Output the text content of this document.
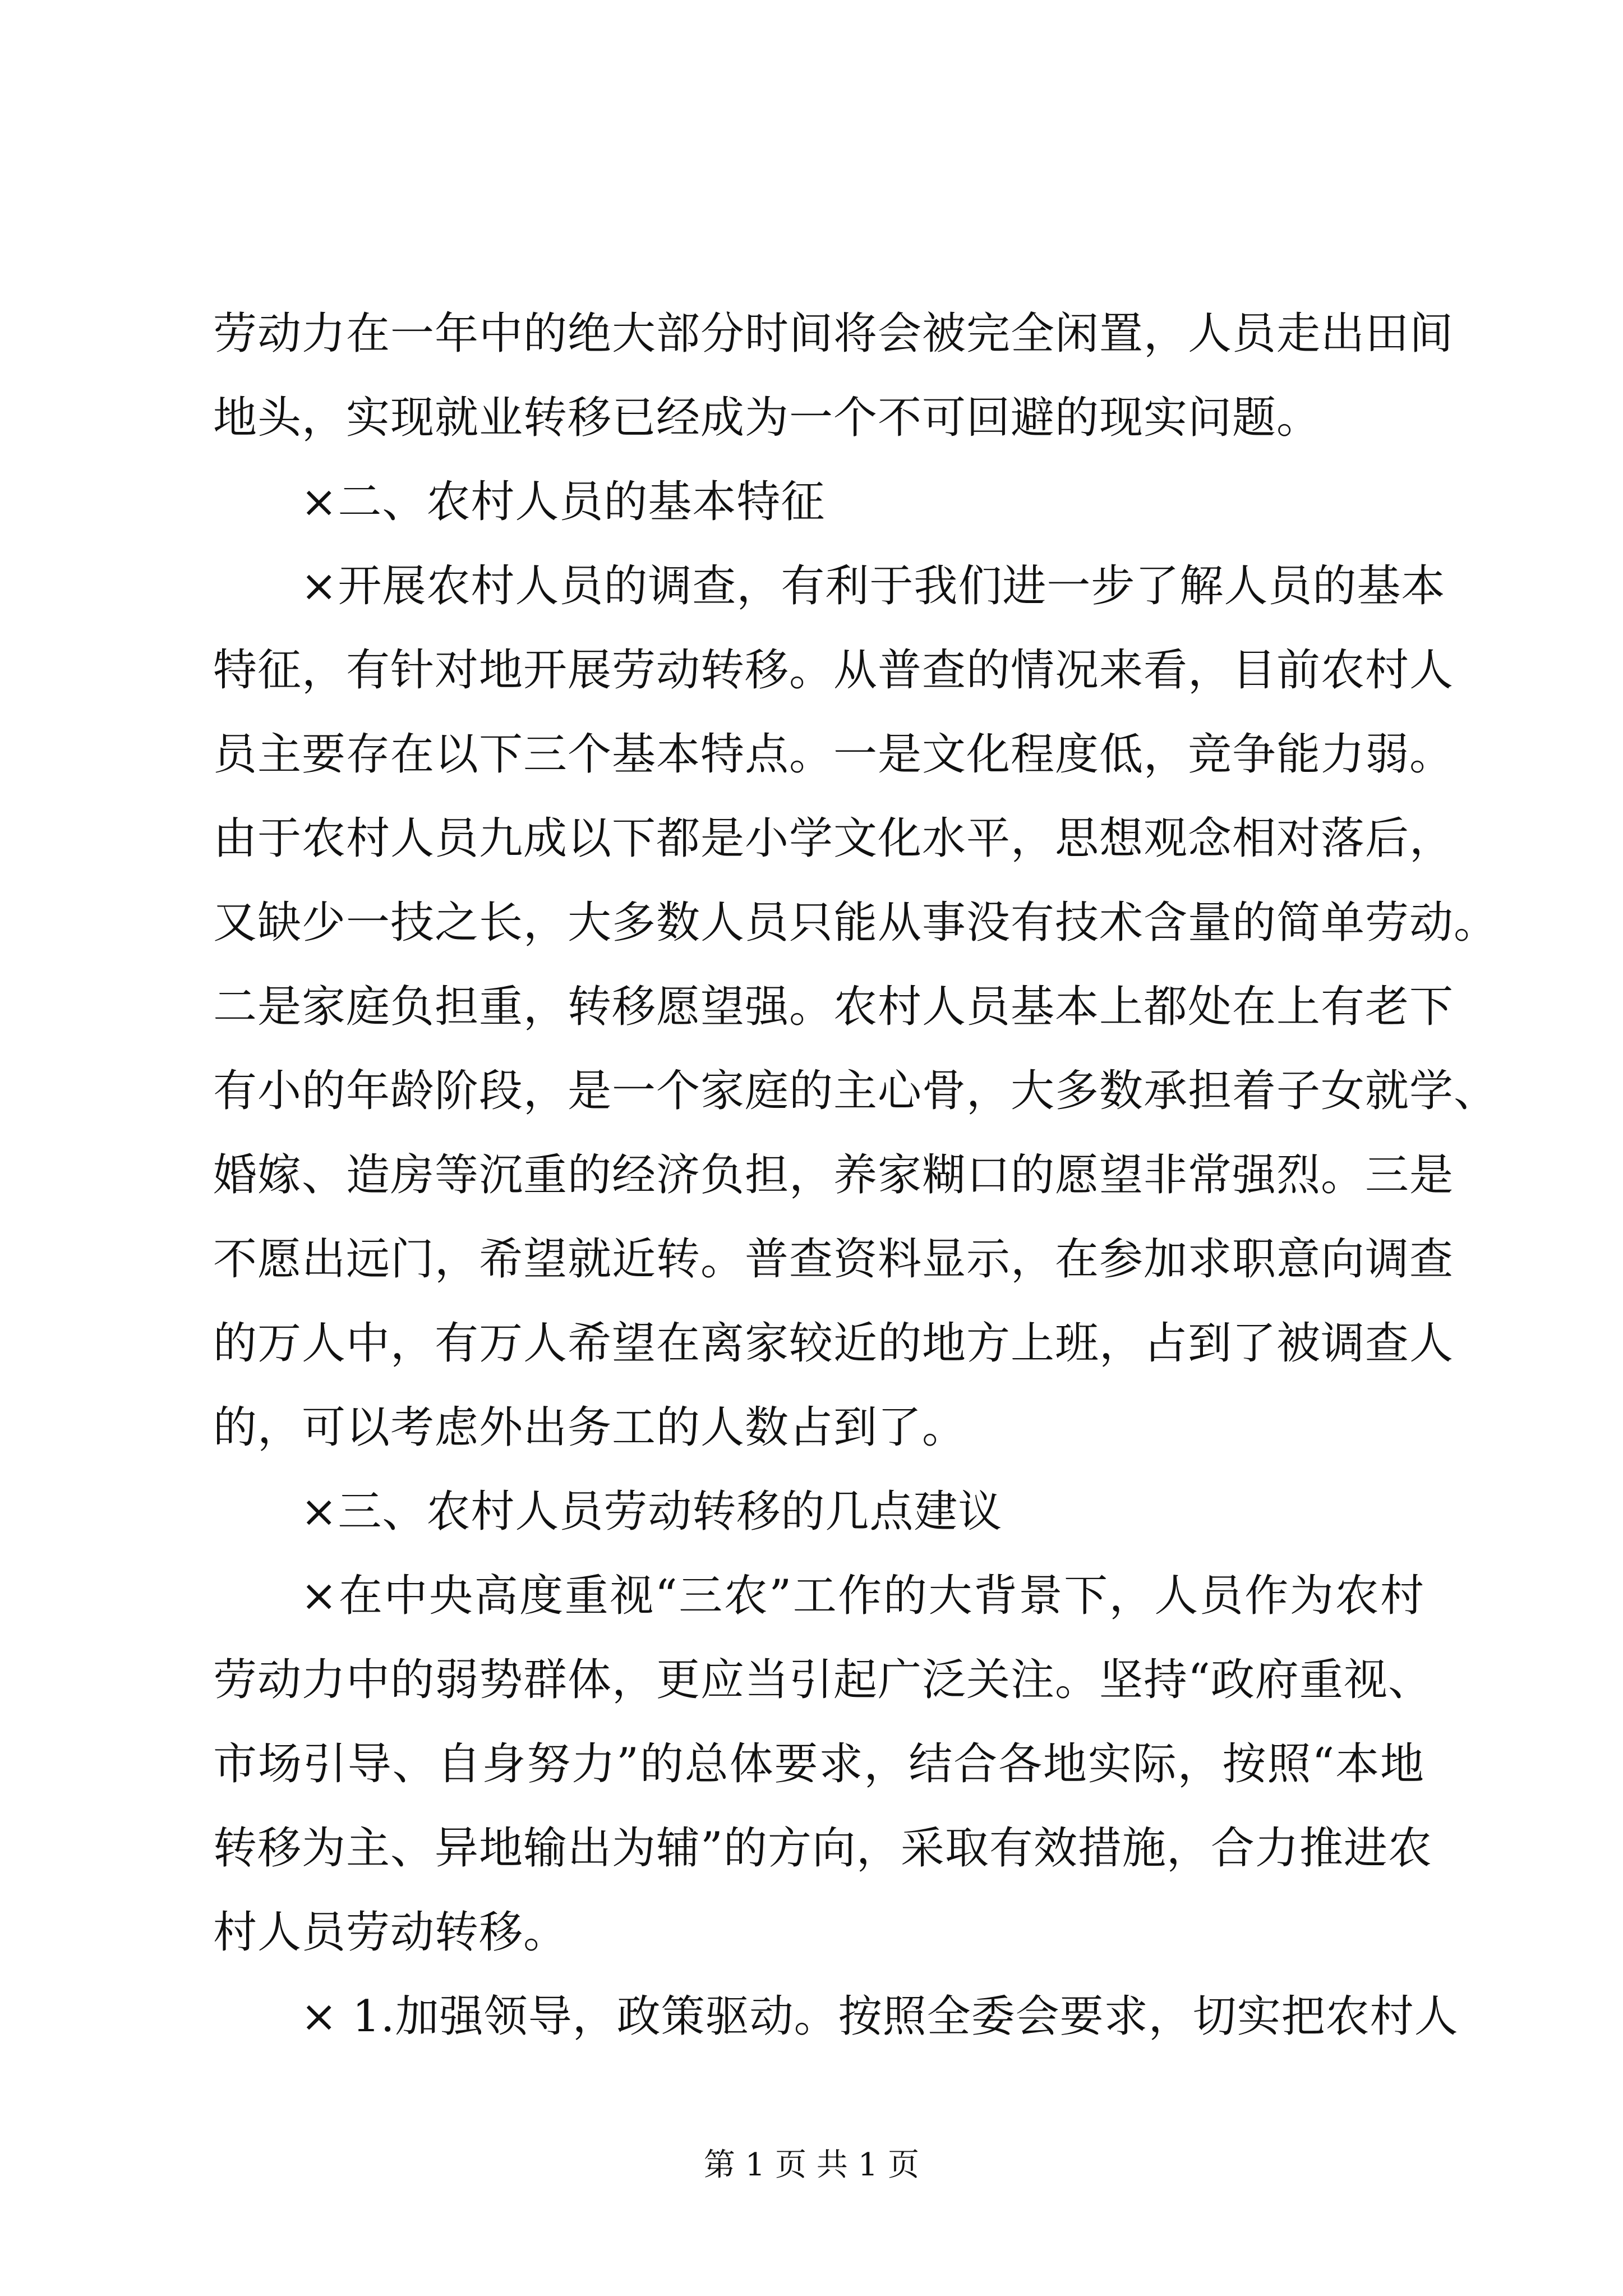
劳动力在一年中的绝大部分时间将会被完全闲置，人员走出田间
地头，实现就业转移已经成为一个不可回避的现实问题。
×二、农村人员的基本特征
×开展农村人员的调查，有利于我们进一步了解人员的基本
特征，有针对地开展劳动转移。从普查的情况来看，目前农村人
员主要存在以下三个基本特点。一是文化程度低，竞争能力弱。
由于农村人员九成以下都是小学文化水平，思想观念相对落后，
又缺少一技之长，大多数人员只能从事没有技术含量的简单劳动。
二是家庭负担重，转移愿望强。农村人员基本上都处在上有老下
有小的年龄阶段，是一个家庭的主心骨，大多数承担着子女就学、
婚嫁、造房等沉重的经济负担，养家糊口的愿望非常强烈。三是
不愿出远门，希望就近转。普查资料显示，在参加求职意向调查
的万人中，有万人希望在离家较近的地方上班，占到了被调查人
的，可以考虑外出务工的人数占到了。
×三、农村人员劳动转移的几点建议
×在中央高度重视“三农”工作的大背景下，人员作为农村
劳动力中的弱势群体，更应当引起广泛关注。坚持“政府重视、
市场引导、自身努力”的总体要求，结合各地实际，按照“本地
转移为主、异地输出为辅”的方向，采取有效措施，合力推进农
村人员劳动转移。
× 1.加强领导，政策驱动。按照全委会要求，切实把农村人
第 1 页 共 1 页
